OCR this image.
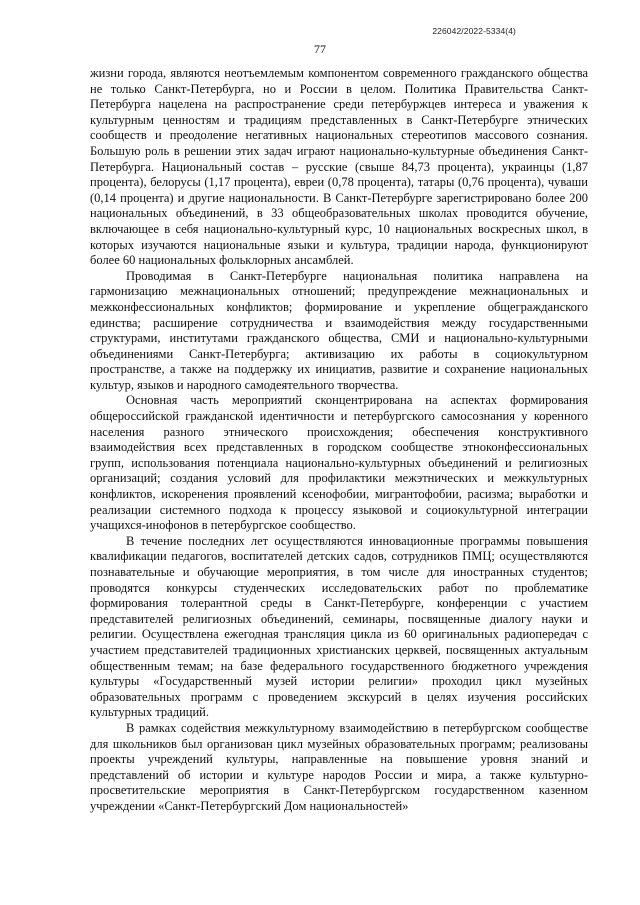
226042/2022-5334(4)
77

жизни города, являются неотъемлемым компонентом современного гражданского общества не только Санкт-Петербурга, но и России в целом. Политика Правительства Санкт-Петербурга нацелена на распространение среди петербуржцев интереса и уважения к культурным ценностям и традициям представленных в Санкт-Петербурге этнических сообществ и преодоление негативных национальных стереотипов массового сознания. Большую роль в решении этих задач играют национально-культурные объединения Санкт-Петербурга. Национальный состав – русские (свыше 84,73 процента), украинцы (1,87 процента), белорусы (1,17 процента), евреи (0,78 процента), татары (0,76 процента), чуваши (0,14 процента) и другие национальности. В Санкт-Петербурге зарегистрировано более 200 национальных объединений, в 33 общеобразовательных школах проводится обучение, включающее в себя национально-культурный курс, 10 национальных воскресных школ, в которых изучаются национальные языки и культура, традиции народа, функционируют более 60 национальных фольклорных ансамблей.

Проводимая в Санкт-Петербурге национальная политика направлена на гармонизацию межнациональных отношений; предупреждение межнациональных и межконфессиональных конфликтов; формирование и укрепление общегражданского единства; расширение сотрудничества и взаимодействия между государственными структурами, институтами гражданского общества, СМИ и национально-культурными объединениями Санкт-Петербурга; активизацию их работы в социокультурном пространстве, а также на поддержку их инициатив, развитие и сохранение национальных культур, языков и народного самодеятельного творчества.

Основная часть мероприятий сконцентрирована на аспектах формирования общероссийской гражданской идентичности и петербургского самосознания у коренного населения разного этнического происхождения; обеспечения конструктивного взаимодействия всех представленных в городском сообществе этноконфессиональных групп, использования потенциала национально-культурных объединений и религиозных организаций; создания условий для профилактики межэтнических и межкультурных конфликтов, искоренения проявлений ксенофобии, мигрантофобии, расизма; выработки и реализации системного подхода к процессу языковой и социокультурной интеграции учащихся-инофонов в петербургское сообщество.

В течение последних лет осуществляются инновационные программы повышения квалификации педагогов, воспитателей детских садов, сотрудников ПМЦ; осуществляются познавательные и обучающие мероприятия, в том числе для иностранных студентов; проводятся конкурсы студенческих исследовательских работ по проблематике формирования толерантной среды в Санкт-Петербурге, конференции с участием представителей религиозных объединений, семинары, посвященные диалогу науки и религии. Осуществлена ежегодная трансляция цикла из 60 оригинальных радиопередач с участием представителей традиционных христианских церквей, посвященных актуальным общественным темам; на базе федерального государственного бюджетного учреждения культуры «Государственный музей истории религии» проходил цикл музейных образовательных программ с проведением экскурсий в целях изучения российских культурных традиций.

В рамках содействия межкультурному взаимодействию в петербургском сообществе для школьников был организован цикл музейных образовательных программ; реализованы проекты учреждений культуры, направленные на повышение уровня знаний и представлений об истории и культуре народов России и мира, а также культурно-просветительские мероприятия в Санкт-Петербургском государственном казенном учреждении «Санкт-Петербургский Дом национальностей»
